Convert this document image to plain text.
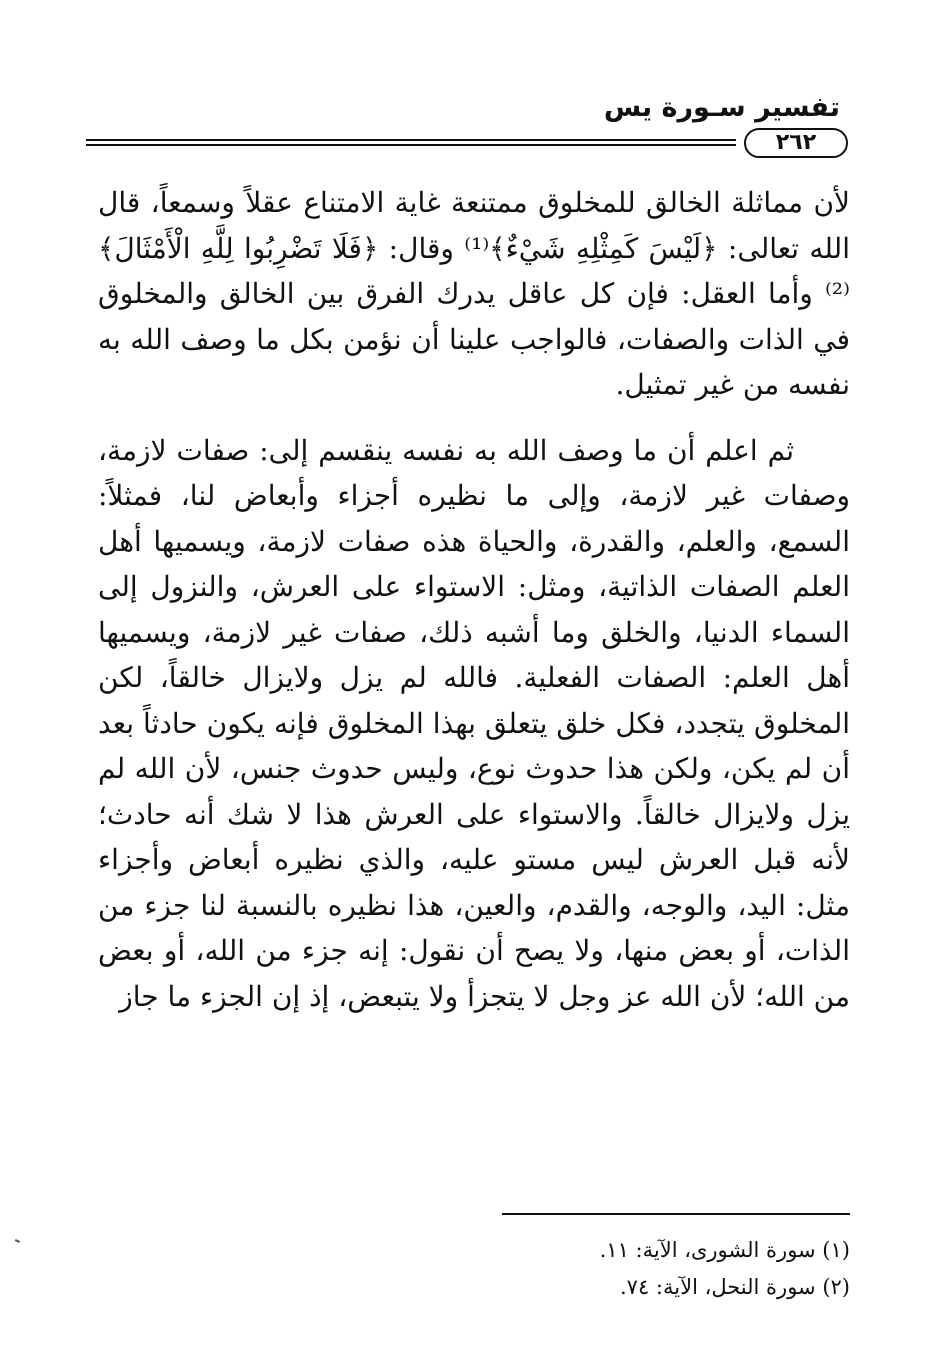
تفسير سـورة يس
٢٦٢

لأن مماثلة الخالق للمخلوق ممتنعة غاية الامتناع عقلاً وسمعاً، قال الله تعالى: ﴿لَيْسَ كَمِثْلِهِ شَيْءٌ﴾⁽¹⁾ وقال: ﴿فَلَا تَضْرِبُوا لِلَّهِ الْأَمْثَالَ﴾⁽²⁾ وأما العقل: فإن كل عاقل يدرك الفرق بين الخالق والمخلوق في الذات والصفات، فالواجب علينا أن نؤمن بكل ما وصف الله به نفسه من غير تمثيل.

ثم اعلم أن ما وصف الله به نفسه ينقسم إلى: صفات لازمة، وصفات غير لازمة، وإلى ما نظيره أجزاء وأبعاض لنا، فمثلاً: السمع، والعلم، والقدرة، والحياة هذه صفات لازمة، ويسميها أهل العلم الصفات الذاتية، ومثل: الاستواء على العرش، والنزول إلى السماء الدنيا، والخلق وما أشبه ذلك، صفات غير لازمة، ويسميها أهل العلم: الصفات الفعلية. فالله لم يزل ولايزال خالقاً، لكن المخلوق يتجدد، فكل خلق يتعلق بهذا المخلوق فإنه يكون حادثاً بعد أن لم يكن، ولكن هذا حدوث نوع، وليس حدوث جنس، لأن الله لم يزل ولايزال خالقاً. والاستواء على العرش هذا لا شك أنه حادث؛ لأنه قبل العرش ليس مستو عليه، والذي نظيره أبعاض وأجزاء مثل: اليد، والوجه، والقدم، والعين، هذا نظيره بالنسبة لنا جزء من الذات، أو بعض منها، ولا يصح أن نقول: إنه جزء من الله، أو بعض من الله؛ لأن الله عز وجل لا يتجزأ ولا يتبعض، إذ إن الجزء ما جاز

(١) سورة الشورى، الآية: ١١.

(٢) سورة النحل، الآية: ٧٤.
